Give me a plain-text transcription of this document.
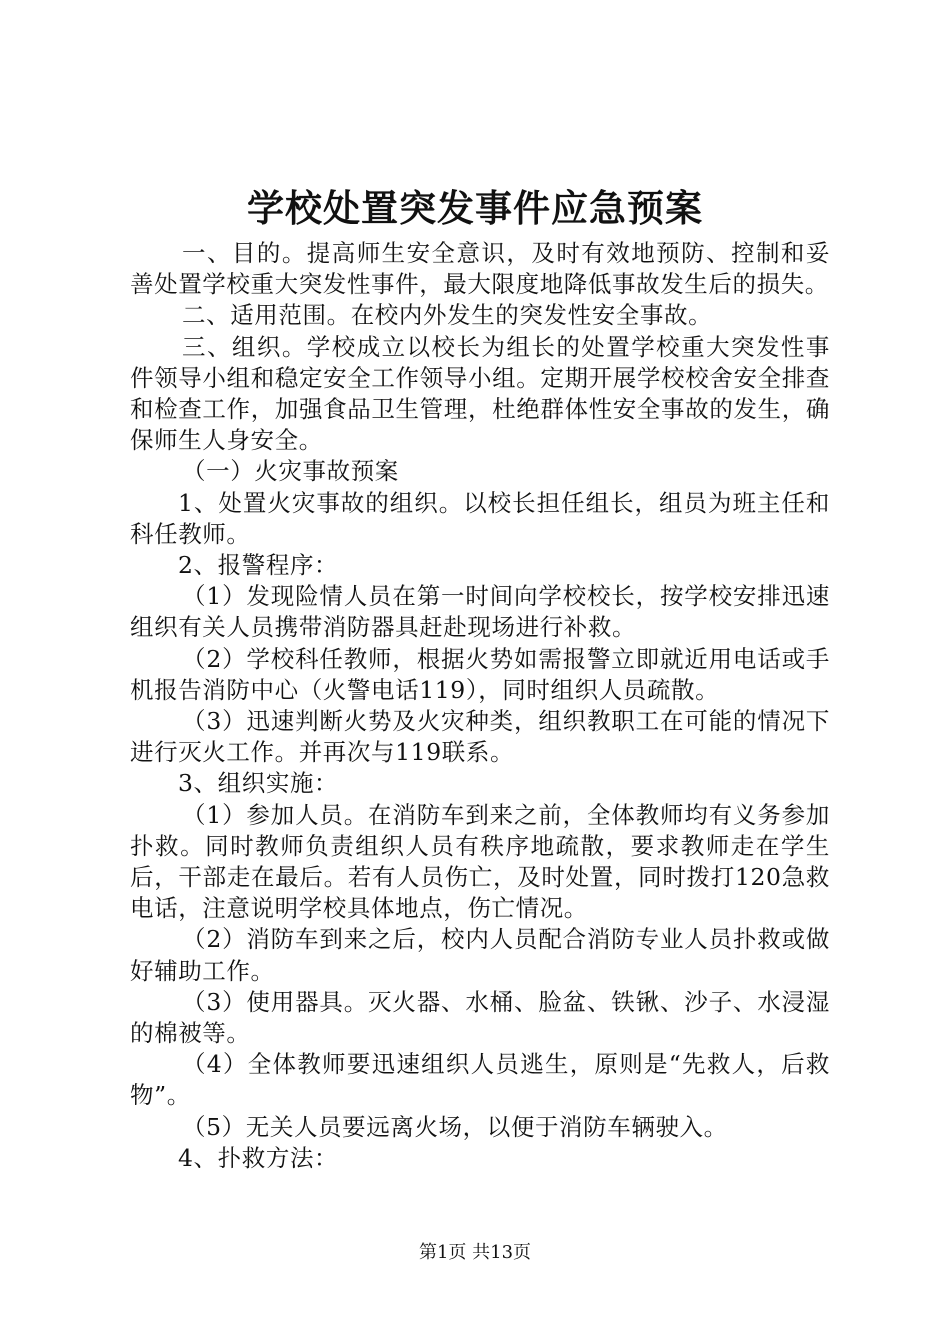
学校处置突发事件应急预案

一、目的。提高师生安全意识，及时有效地预防、控制和妥善处置学校重大突发性事件，最大限度地降低事故发生后的损失。

二、适用范围。在校内外发生的突发性安全事故。

三、组织。学校成立以校长为组长的处置学校重大突发性事件领导小组和稳定安全工作领导小组。定期开展学校校舍安全排查和检查工作，加强食品卫生管理，杜绝群体性安全事故的发生，确保师生人身安全。

（一）火灾事故预案

1、处置火灾事故的组织。以校长担任组长，组员为班主任和科任教师。

2、报警程序：

（1）发现险情人员在第一时间向学校校长，按学校安排迅速组织有关人员携带消防器具赶赴现场进行补救。

（2）学校科任教师，根据火势如需报警立即就近用电话或手机报告消防中心（火警电话119），同时组织人员疏散。

（3）迅速判断火势及火灾种类，组织教职工在可能的情况下进行灭火工作。并再次与119联系。

3、组织实施：

（1）参加人员。在消防车到来之前，全体教师均有义务参加扑救。同时教师负责组织人员有秩序地疏散，要求教师走在学生后，干部走在最后。若有人员伤亡，及时处置，同时拨打120急救电话，注意说明学校具体地点，伤亡情况。

（2）消防车到来之后，校内人员配合消防专业人员扑救或做好辅助工作。

（3）使用器具。灭火器、水桶、脸盆、铁锹、沙子、水浸湿的棉被等。

（4）全体教师要迅速组织人员逃生，原则是“先救人，后救物”。

（5）无关人员要远离火场，以便于消防车辆驶入。

4、扑救方法：

第1页 共13页
